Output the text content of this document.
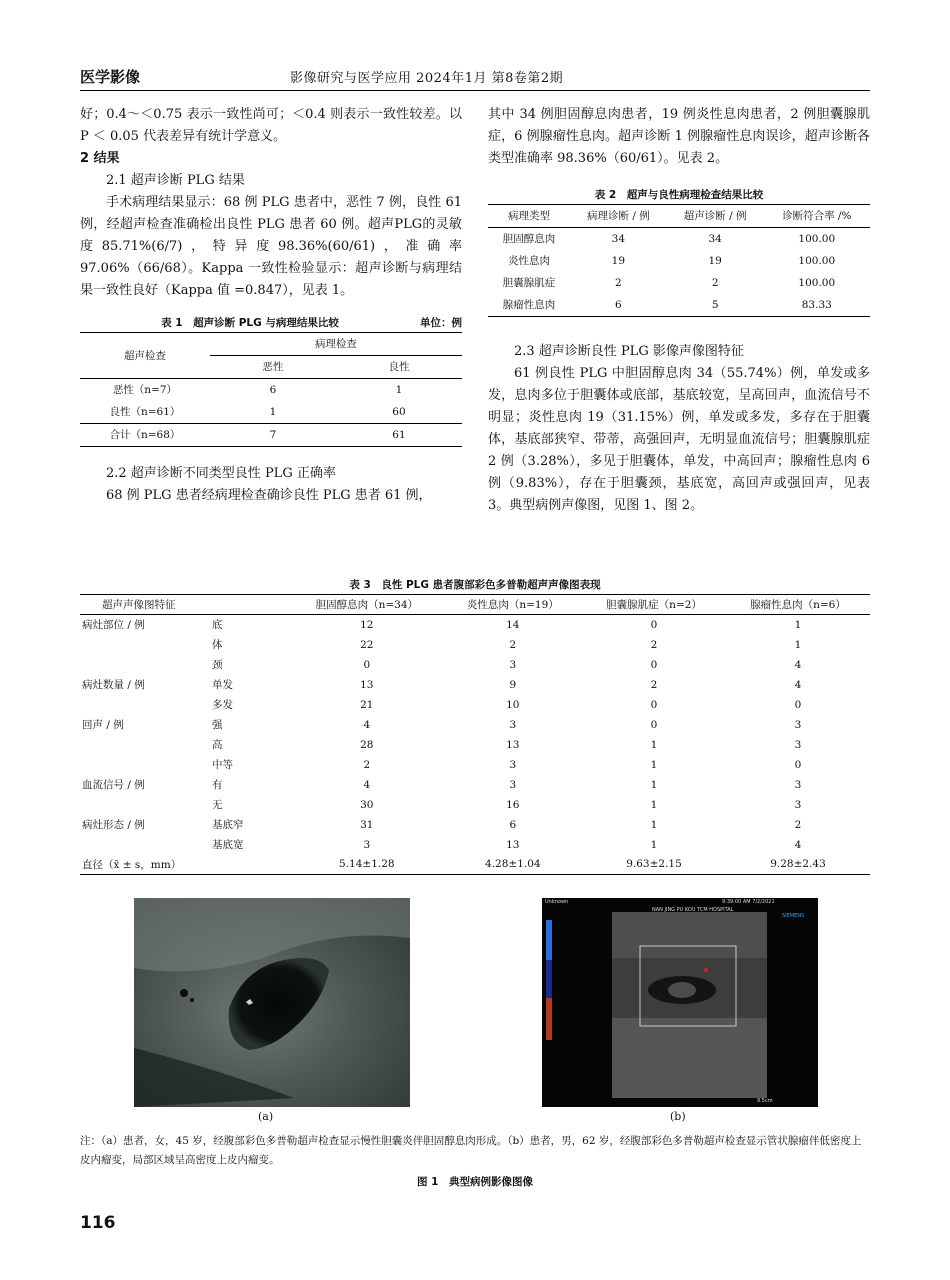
医学影像	影像研究与医学应用 2024年1月 第8卷第2期
好；0.4～＜0.75 表示一致性尚可；＜0.4 则表示一致性较差。以 P ＜ 0.05 代表差异有统计学意义。
2 结果
2.1 超声诊断 PLG 结果
手术病理结果显示：68 例 PLG 患者中，恶性 7 例，良性 61 例，经超声检查准确检出良性 PLG 患者 60 例。超声PLG的灵敏度85.71%(6/7)，特异度98.36%(60/61)，准确率 97.06%（66/68）。Kappa 一致性检验显示：超声诊断与病理结果一致性良好（Kappa 值 =0.847），见表 1。
表 1　超声诊断 PLG 与病理结果比较	单位：例
超声检查	病理检查	
	恶性	良性
恶性（n=7）	6	1
良性（n=61）	1	60
合计（n=68）	7	61
2.2 超声诊断不同类型良性 PLG 正确率
68 例 PLG 患者经病理检查确诊良性 PLG 患者 61 例，
其中 34 例胆固醇息肉患者，19 例炎性息肉患者，2 例胆囊腺肌症，6 例腺瘤性息肉。超声诊断 1 例腺瘤性息肉误诊，超声诊断各类型准确率 98.36%（60/61）。见表 2。
表 2　超声与良性病理检查结果比较
病理类型	病理诊断 / 例	超声诊断 / 例	诊断符合率 /%
胆固醇息肉	34	34	100.00
炎性息肉	19	19	100.00
胆囊腺肌症	2	2	100.00
腺瘤性息肉	6	5	83.33
2.3 超声诊断良性 PLG 影像声像图特征
61 例良性 PLG 中胆固醇息肉 34（55.74%）例，单发或多发，息肉多位于胆囊体或底部，基底较宽，呈高回声，血流信号不明显；炎性息肉 19（31.15%）例，单发或多发，多存在于胆囊体，基底部狭窄、带蒂，高强回声，无明显血流信号；胆囊腺肌症 2 例（3.28%），多见于胆囊体，单发，中高回声；腺瘤性息肉 6 例（9.83%），存在于胆囊颈，基底宽，高回声或强回声，见表 3。典型病例声像图，见图 1、图 2。
表 3　良性 PLG 患者腹部彩色多普勒超声声像图表现
超声声像图特征		胆固醇息肉（n=34）	炎性息肉（n=19）	胆囊腺肌症（n=2）	腺瘤性息肉（n=6）
病灶部位 / 例	底	12	14	0	1
	体	22	2	2	1
	颈	0	3	0	4
病灶数量 / 例	单发	13	9	2	4
	多发	21	10	0	0
回声 / 例	强	4	3	0	3
	高	28	13	1	3
	中等	2	3	1	0
血流信号 / 例	有	4	3	1	3
	无	30	16	1	3
病灶形态 / 例	基底窄	31	6	1	2
	基底宽	3	13	1	4
直径（x̄ ± s，mm）		5.14±1.28	4.28±1.04	9.63±2.15	9.28±2.43
(a)
Unknown	9:39:00 AM 7/2/2021
NAN JING PU KOU TCM HOSPITAL
SIEMENS
9.5cm
(b)
注：（a）患者，女，45 岁，经腹部彩色多普勒超声检查显示慢性胆囊炎伴胆固醇息肉形成。（b）患者，男，62 岁，经腹部彩色多普勒超声检查显示管状腺瘤伴低密度上皮内瘤变，局部区域呈高密度上皮内瘤变。
图 1　典型病例影像图像
116
